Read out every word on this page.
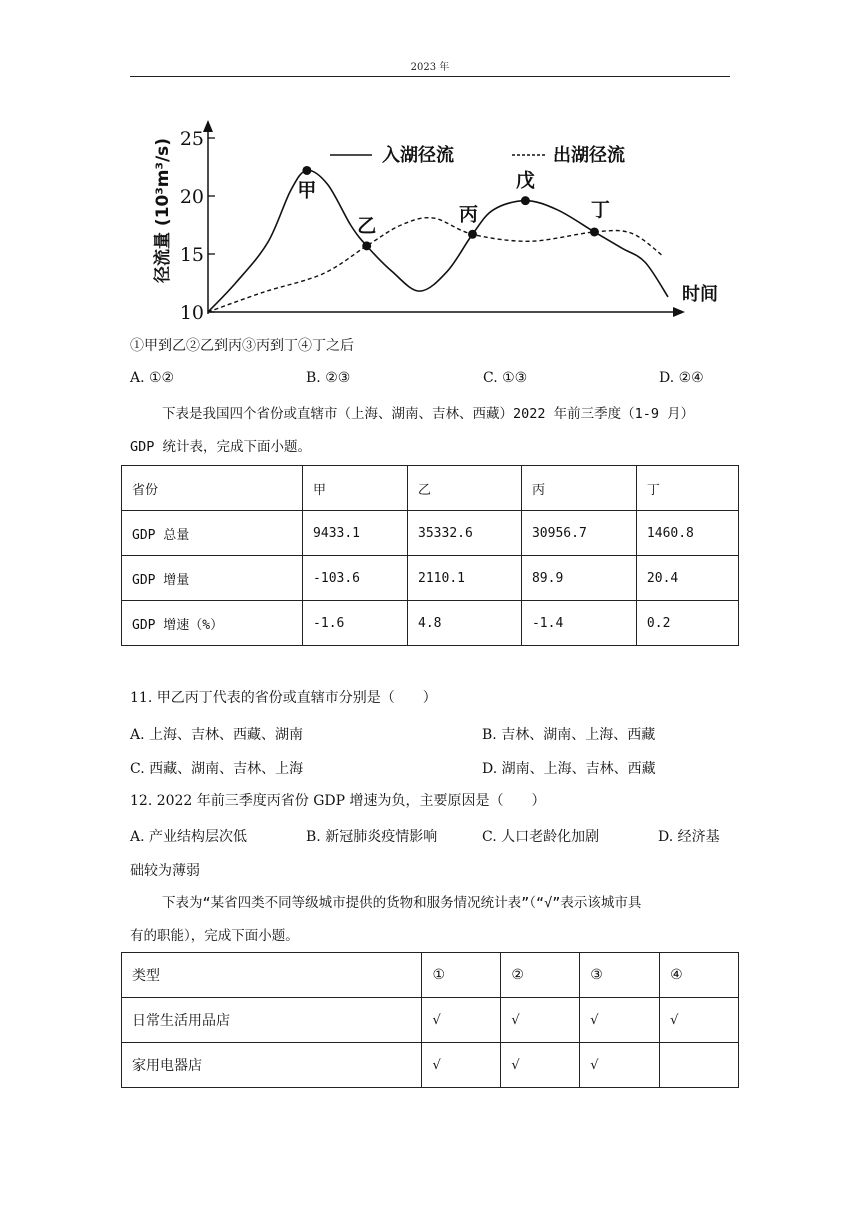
2023 年
25
20
15
10
径流量 (10³m³/s)
时间
入湖径流	出湖径流
甲
乙
丙
戊
丁
①甲到乙②乙到丙③丙到丁④丁之后
A. ①②	B. ②③	C. ①③	D. ②④
下表是我国四个省份或直辖市（上海、湖南、吉林、西藏）2022 年前三季度（1-9 月）
GDP 统计表，完成下面小题。
省份	甲	乙	丙	丁
GDP 总量	9433.1	35332.6	30956.7	1460.8
GDP 增量	-103.6	2110.1	89.9	20.4
GDP 增速（%）	-1.6	4.8	-1.4	0.2
11. 甲乙丙丁代表的省份或直辖市分别是（　　）
A. 上海、吉林、西藏、湖南	B. 吉林、湖南、上海、西藏
C. 西藏、湖南、吉林、上海	D. 湖南、上海、吉林、西藏
12. 2022 年前三季度丙省份 GDP 增速为负，主要原因是（　　）
A. 产业结构层次低	B. 新冠肺炎疫情影响	C. 人口老龄化加剧	D. 经济基
础较为薄弱
下表为“某省四类不同等级城市提供的货物和服务情况统计表”（“√”表示该城市具
有的职能），完成下面小题。
类型	①	②	③	④
日常生活用品店	√	√	√	√
家用电器店	√	√	√	
